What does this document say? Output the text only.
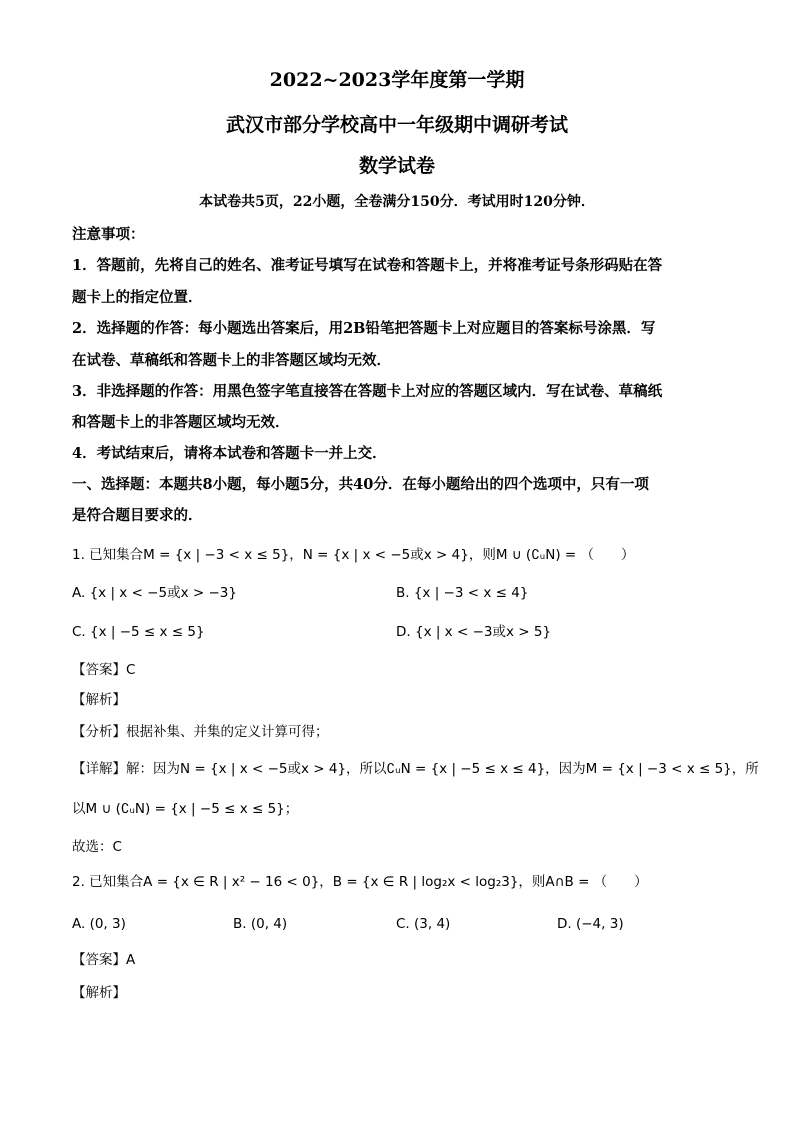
2022~2023学年度第一学期
武汉市部分学校高中一年级期中调研考试
数学试卷
本试卷共5页，22小题，全卷满分150分．考试用时120分钟．
注意事项：
1．答题前，先将自己的姓名、准考证号填写在试卷和答题卡上，并将准考证号条形码贴在答
题卡上的指定位置．
2．选择题的作答：每小题选出答案后，用2B铅笔把答题卡上对应题目的答案标号涂黑．写
在试卷、草稿纸和答题卡上的非答题区域均无效．
3．非选择题的作答：用黑色签字笔直接答在答题卡上对应的答题区域内．写在试卷、草稿纸
和答题卡上的非答题区域均无效．
4．考试结束后，请将本试卷和答题卡一并上交．
一、选择题：本题共8小题，每小题5分，共40分．在每小题给出的四个选项中，只有一项
是符合题目要求的．
1. 已知集合M = {x | −3 < x ≤ 5}，N = {x | x < −5或x > 4}，则M ∪ (∁ᵤN) = （　　）
A. {x | x < −5或x > −3}	B. {x | −3 < x ≤ 4}
C. {x | −5 ≤ x ≤ 5}	D. {x | x < −3或x > 5}
【答案】C
【解析】
【分析】根据补集、并集的定义计算可得；
【详解】解：因为N = {x | x < −5或x > 4}，所以∁ᵤN = {x | −5 ≤ x ≤ 4}，因为M = {x | −3 < x ≤ 5}，所
以M ∪ (∁ᵤN) = {x | −5 ≤ x ≤ 5}；
故选：C
2. 已知集合A = {x ∈ R | x² − 16 < 0}，B = {x ∈ R | log₂x < log₂3}，则A∩B = （　　）
A. (0, 3)	B. (0, 4)	C. (3, 4)	D. (−4, 3)
【答案】A
【解析】
